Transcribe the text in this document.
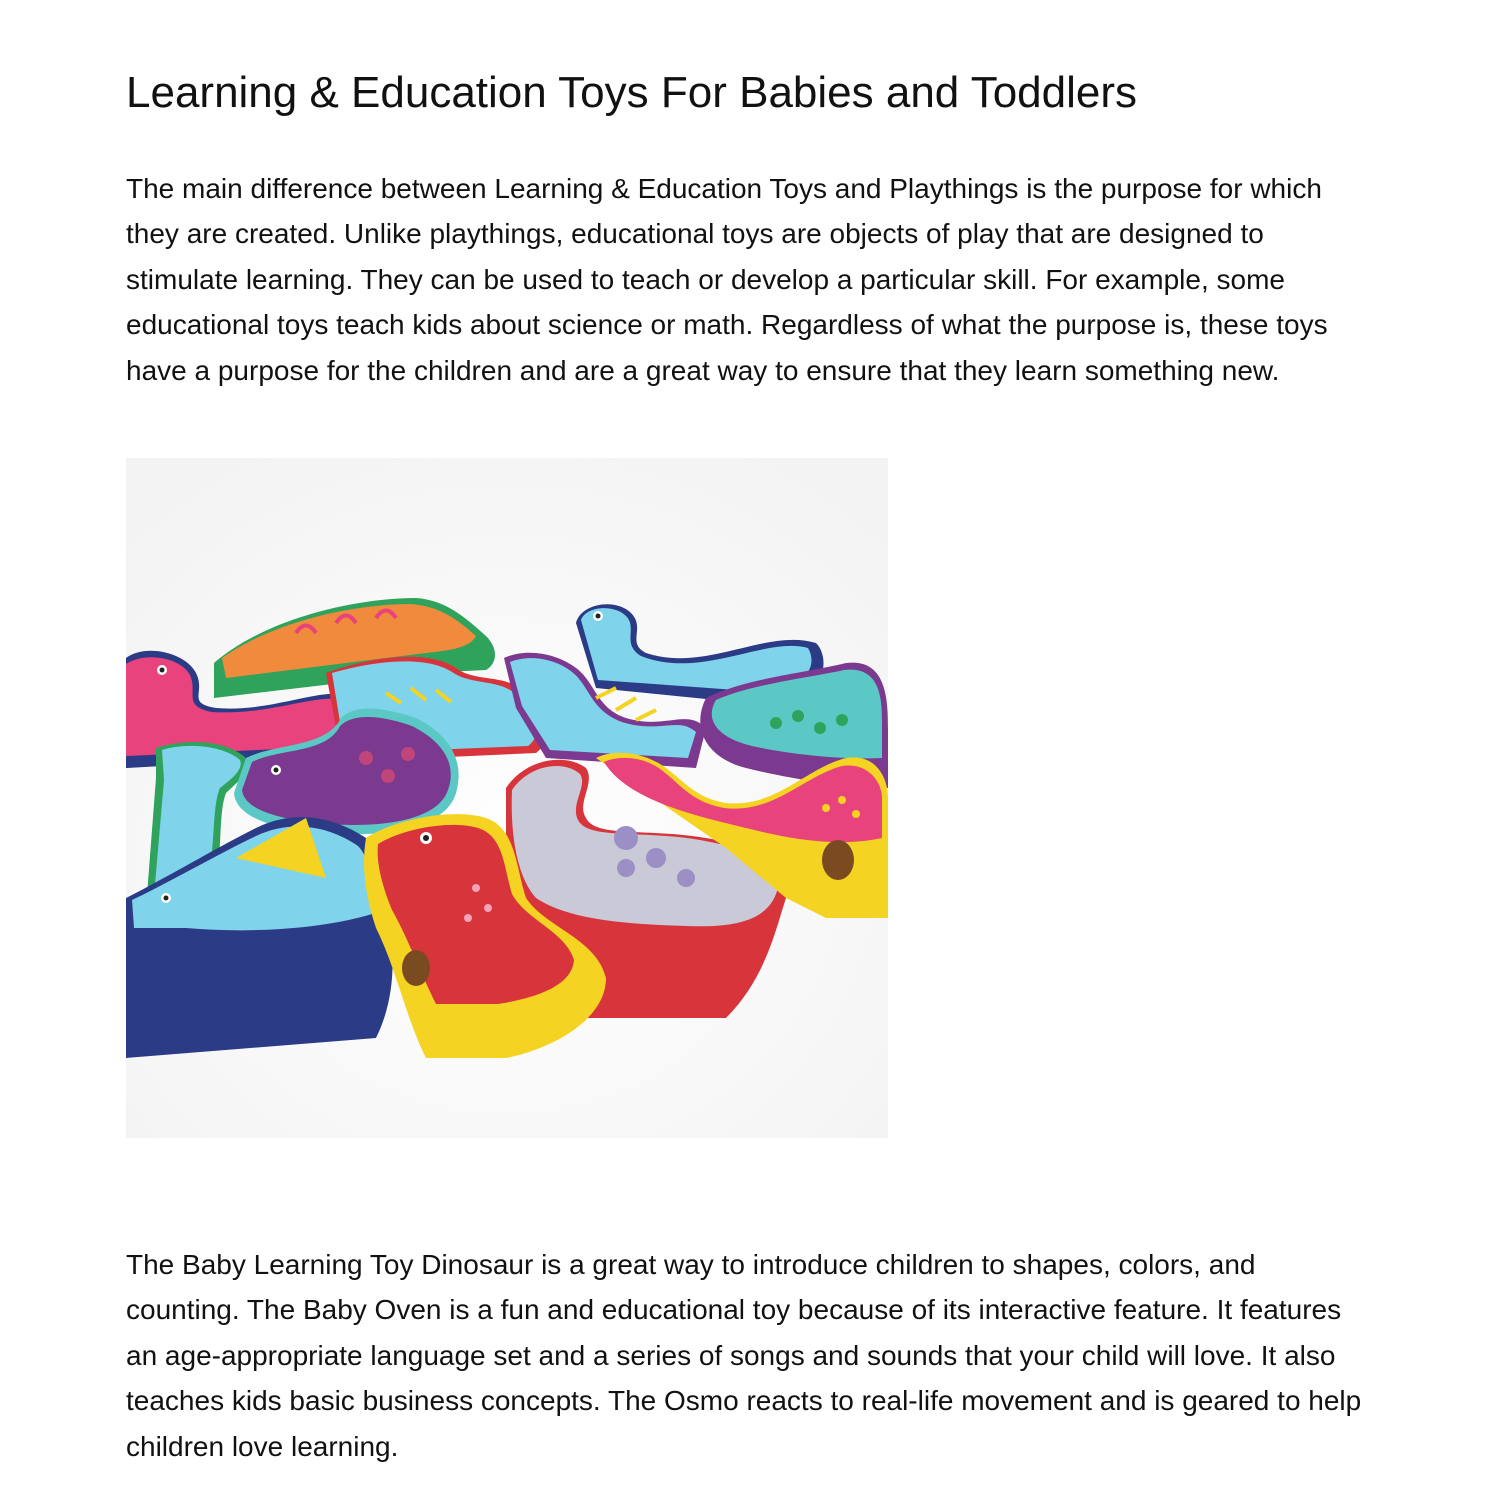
Learning & Education Toys For Babies and Toddlers

The main difference between Learning & Education Toys and Playthings is the purpose for which they are created. Unlike playthings, educational toys are objects of play that are designed to stimulate learning. They can be used to teach or develop a particular skill. For example, some educational toys teach kids about science or math. Regardless of what the purpose is, these toys have a purpose for the children and are a great way to ensure that they learn something new.

The Baby Learning Toy Dinosaur is a great way to introduce children to shapes, colors, and counting. The Baby Oven is a fun and educational toy because of its interactive feature. It features an age-appropriate language set and a series of songs and sounds that your child will love. It also teaches kids basic business concepts. The Osmo reacts to real-life movement and is geared to help children love learning.
